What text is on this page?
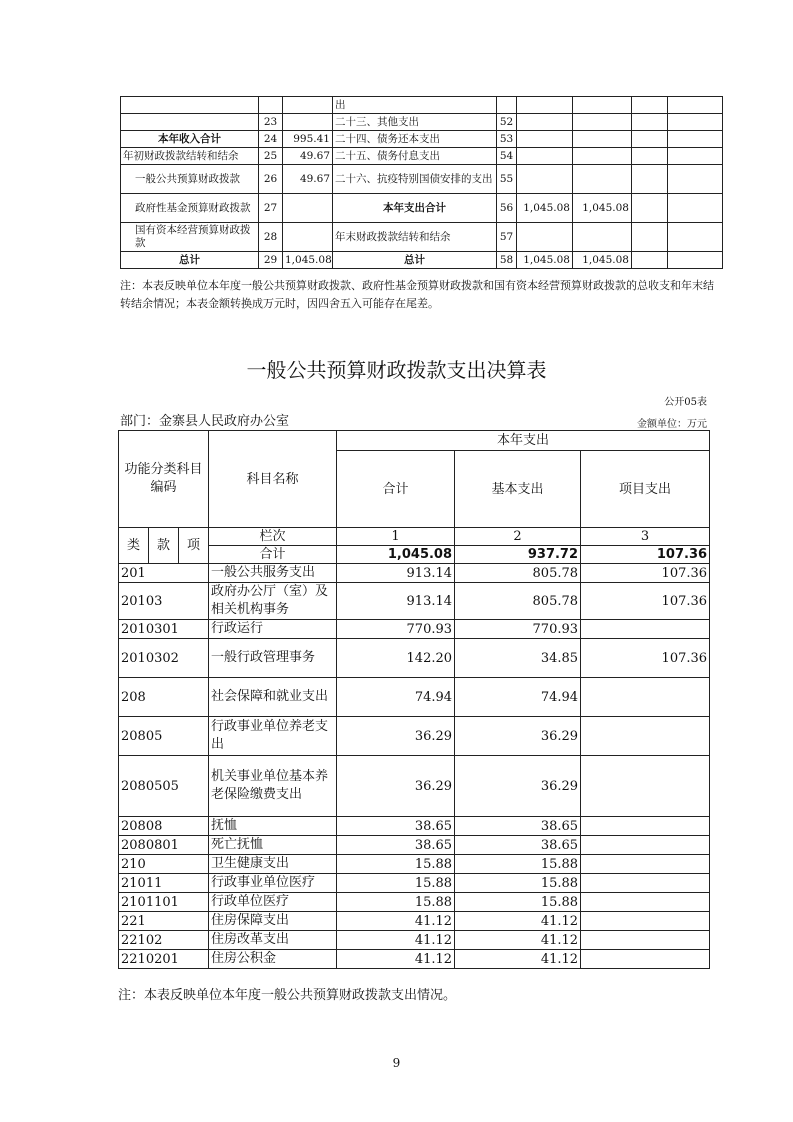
			出					
	23		二十三、其他支出	52				
本年收入合计	24	995.41	二十四、债务还本支出	53				
年初财政拨款结转和结余	25	49.67	二十五、债务付息支出	54				
一般公共预算财政拨款	26	49.67	二十六、抗疫特别国债安排的支出	55				
政府性基金预算财政拨款	27		本年支出合计	56	1,045.08	1,045.08		
国有资本经营预算财政拨款	28		年末财政拨款结转和结余	57				
总计	29	1,045.08	总计	58	1,045.08	1,045.08		
注：本表反映单位本年度一般公共预算财政拨款、政府性基金预算财政拨款和国有资本经营预算财政拨款的总收支和年末结转结余情况；本表金额转换成万元时，因四舍五入可能存在尾差。
一般公共预算财政拨款支出决算表
公开05表
部门：金寨县人民政府办公室	金额单位：万元
功能分类科目编码			科目名称	本年支出		
				合计	基本支出	项目支出

类	款	项	栏次	1	2	3
			合计	1,045.08	937.72	107.36
201			一般公共服务支出	913.14	805.78	107.36
20103			政府办公厅（室）及相关机构事务	913.14	805.78	107.36
2010301			行政运行	770.93	770.93	
2010302			一般行政管理事务	142.20	34.85	107.36
208			社会保障和就业支出	74.94	74.94	
20805			行政事业单位养老支出	36.29	36.29	
2080505			机关事业单位基本养老保险缴费支出	36.29	36.29	
20808			抚恤	38.65	38.65	
2080801			死亡抚恤	38.65	38.65	
210			卫生健康支出	15.88	15.88	
21011			行政事业单位医疗	15.88	15.88	
2101101			行政单位医疗	15.88	15.88	
221			住房保障支出	41.12	41.12	
22102			住房改革支出	41.12	41.12	
2210201			住房公积金	41.12	41.12	
注：本表反映单位本年度一般公共预算财政拨款支出情况。
9
